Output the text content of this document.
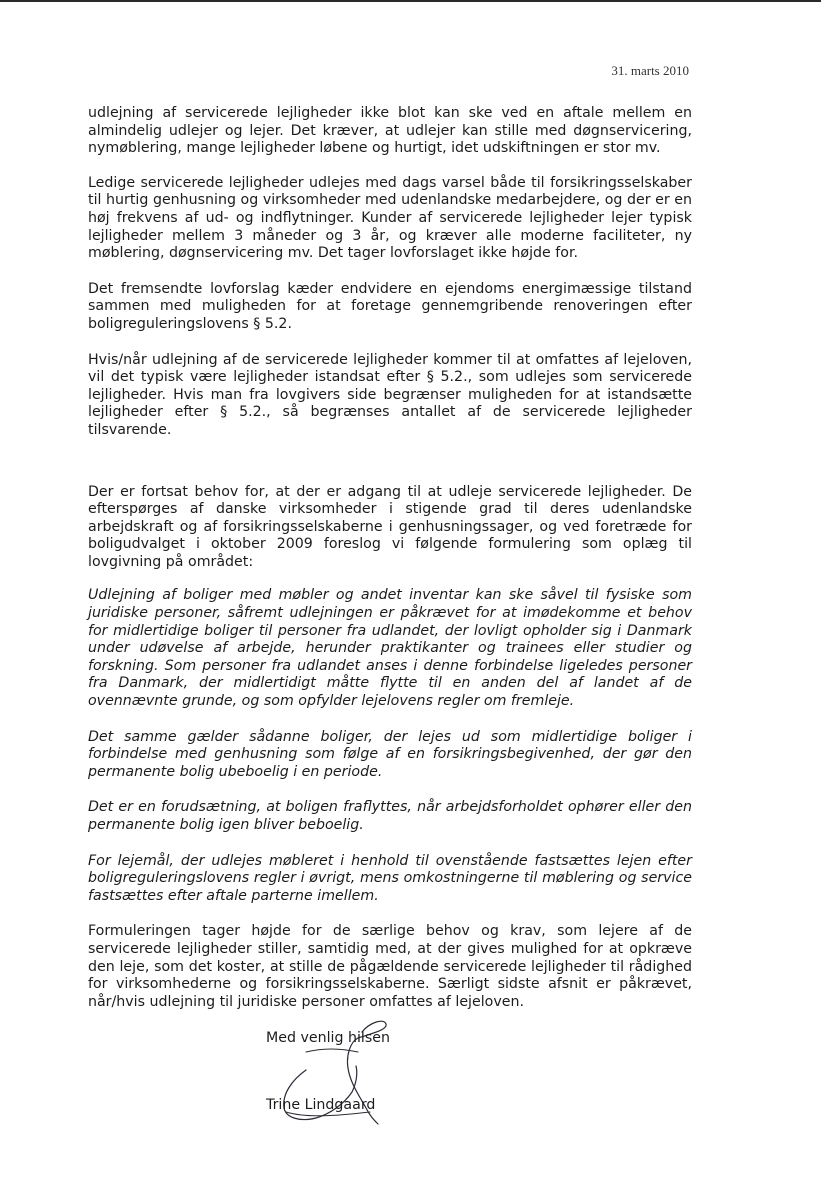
31. marts 2010

udlejning af servicerede lejligheder ikke blot kan ske ved en aftale mellem en almindelig udlejer og lejer. Det kræver, at udlejer kan stille med døgnservicering, nymøblering, mange lejligheder løbene og hurtigt, idet udskiftningen er stor mv.

Ledige servicerede lejligheder udlejes med dags varsel både til forsikringsselskaber til hurtig genhusning og virksomheder med udenlandske medarbejdere, og der er en høj frekvens af ud- og indflytninger. Kunder af servicerede lejligheder lejer typisk lejligheder mellem 3 måneder og 3 år, og kræver alle moderne faciliteter, ny møblering, døgnservicering mv. Det tager lovforslaget ikke højde for.

Det fremsendte lovforslag kæder endvidere en ejendoms energimæssige tilstand sammen med muligheden for at foretage gennemgribende renoveringen efter boligreguleringslovens § 5.2.

Hvis/når udlejning af de servicerede lejligheder kommer til at omfattes af lejeloven, vil det typisk være lejligheder istandsat efter § 5.2., som udlejes som servicerede lejligheder. Hvis man fra lovgivers side begrænser muligheden for at istandsætte lejligheder efter § 5.2., så begrænses antallet af de servicerede lejligheder tilsvarende.

Der er fortsat behov for, at der er adgang til at udleje servicerede lejligheder. De efterspørges af danske virksomheder i stigende grad til deres udenlandske arbejdskraft og af forsikringsselskaberne i genhusningssager, og ved foretræde for boligudvalget i oktober 2009 foreslog vi følgende formulering som oplæg til lovgivning på området:

Udlejning af boliger med møbler og andet inventar kan ske såvel til fysiske som juridiske personer, såfremt udlejningen er påkrævet for at imødekomme et behov for midlertidige boliger til personer fra udlandet, der lovligt opholder sig i Danmark under udøvelse af arbejde, herunder praktikanter og trainees eller studier og forskning. Som personer fra udlandet anses i denne forbindelse ligeledes personer fra Danmark, der midlertidigt måtte flytte til en anden del af landet af de ovennævnte grunde, og som opfylder lejelovens regler om fremleje.

Det samme gælder sådanne boliger, der lejes ud som midlertidige boliger i forbindelse med genhusning som følge af en forsikringsbegivenhed, der gør den permanente bolig ubeboelig i en periode.

Det er en forudsætning, at boligen fraflyttes, når arbejdsforholdet ophører eller den permanente bolig igen bliver beboelig.

For lejemål, der udlejes møbleret i henhold til ovenstående fastsættes lejen efter boligreguleringslovens regler i øvrigt, mens omkostningerne til møblering og service fastsættes efter aftale parterne imellem.

Formuleringen tager højde for de særlige behov og krav, som lejere af de servicerede lejligheder stiller, samtidig med, at der gives mulighed for at opkræve den leje, som det koster, at stille de pågældende servicerede lejligheder til rådighed for virksomhederne og forsikringsselskaberne. Særligt sidste afsnit er påkrævet, når/hvis udlejning til juridiske personer omfattes af lejeloven.

Med venlig hilsen
Trine Lindgaard
